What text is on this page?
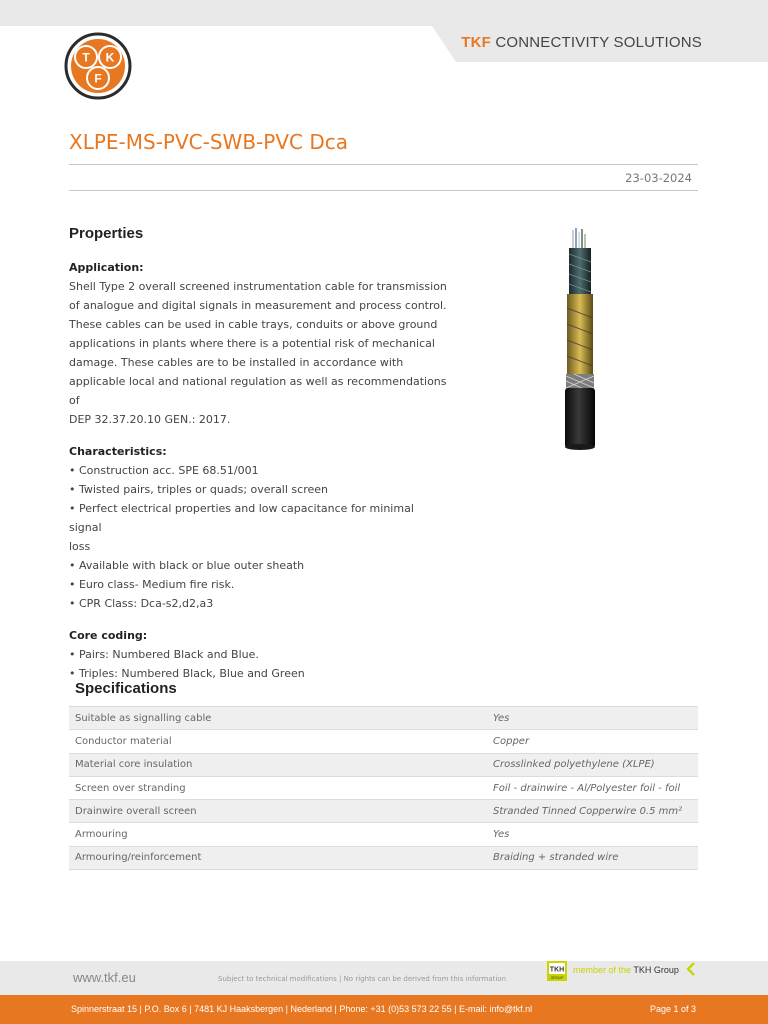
TKF CONNECTIVITY SOLUTIONS
T K
F
XLPE-MS-PVC-SWB-PVC Dca
23-03-2024
Properties
Application:

Shell Type 2 overall screened instrumentation cable for transmission

of analogue and digital signals in measurement and process control.

These cables can be used in cable trays, conduits or above ground

applications in plants where there is a potential risk of mechanical

damage. These cables are to be installed in accordance with

applicable local and national regulation as well as recommendations of

DEP 32.37.20.10 GEN.: 2017.

Characteristics:

• Construction acc. SPE 68.51/001

• Twisted pairs, triples or quads; overall screen

• Perfect electrical properties and low capacitance for minimal signal

loss

• Available with black or blue outer sheath

• Euro class- Medium fire risk.

• CPR Class: Dca-s2,d2,a3

Core coding:

• Pairs: Numbered Black and Blue.

• Triples: Numbered Black, Blue and Green

Specifications
Suitable as signalling cable	Yes
Conductor material	Copper
Material core insulation	Crosslinked polyethylene (XLPE)
Screen over stranding	Foil - drainwire - Al/Polyester foil - foil
Drainwire overall screen	Stranded Tinned Copperwire 0.5 mm²
Armouring	Yes
Armouring/reinforcement	Braiding + stranded wire
www.tkf.eu	Subject to technical modifications | No rights can be derived from this information
TKH
GROUP
member of the TKH Group
Spinnerstraat 15 | P.O. Box 6 | 7481 KJ Haaksbergen | Nederland | Phone: +31 (0)53 573 22 55 | E-mail: info@tkf.nl	Page 1 of 3
